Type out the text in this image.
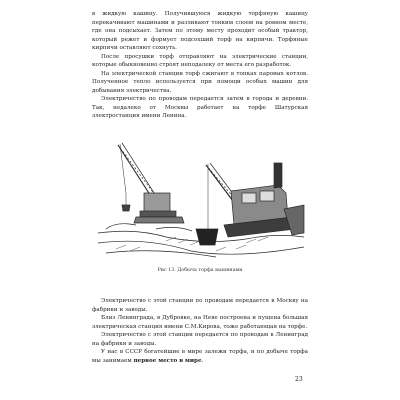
в жидкую кашицу. Получившуюся жидкую торфяную кашицу перекачивают машинами и разливают тонким слоем на ровном месте, где она подсыхает. Затем по этому месту проходит особый трактор, который режет и формует подсохший торф на кирпичи. Торфяные кирпичи оставляют сохнуть.

После просушки торф отправляют на электрические станции, которые обыкновенно строят неподалеку от места его разработок.

На электрической станции торф сжигают в топках паровых котлов. Полученное тепло используется при помощи особых машин для добывания электричества.

Электричество по проводам передается затем в города и деревни. Так, недалеко от Москвы работает на торфе Шатурская электростанция имени Ленина.

Рис 13. Добыча торфа машинами

Электричество с этой станции по проводам передается в Москву на фабрики и заводы.

Близ Ленинграда, в Дубровке, на Неве построена и пущена большая электрическая станция имени С.М.Кирова, тоже работающая на торфе.

Электричество с этой станции передается по проводам в Ленинград на фабрики и заводы.

У нас в СССР богатейшие в мире залежи торфа, и по добыче торфа мы занимаем первое место в мире.

23
